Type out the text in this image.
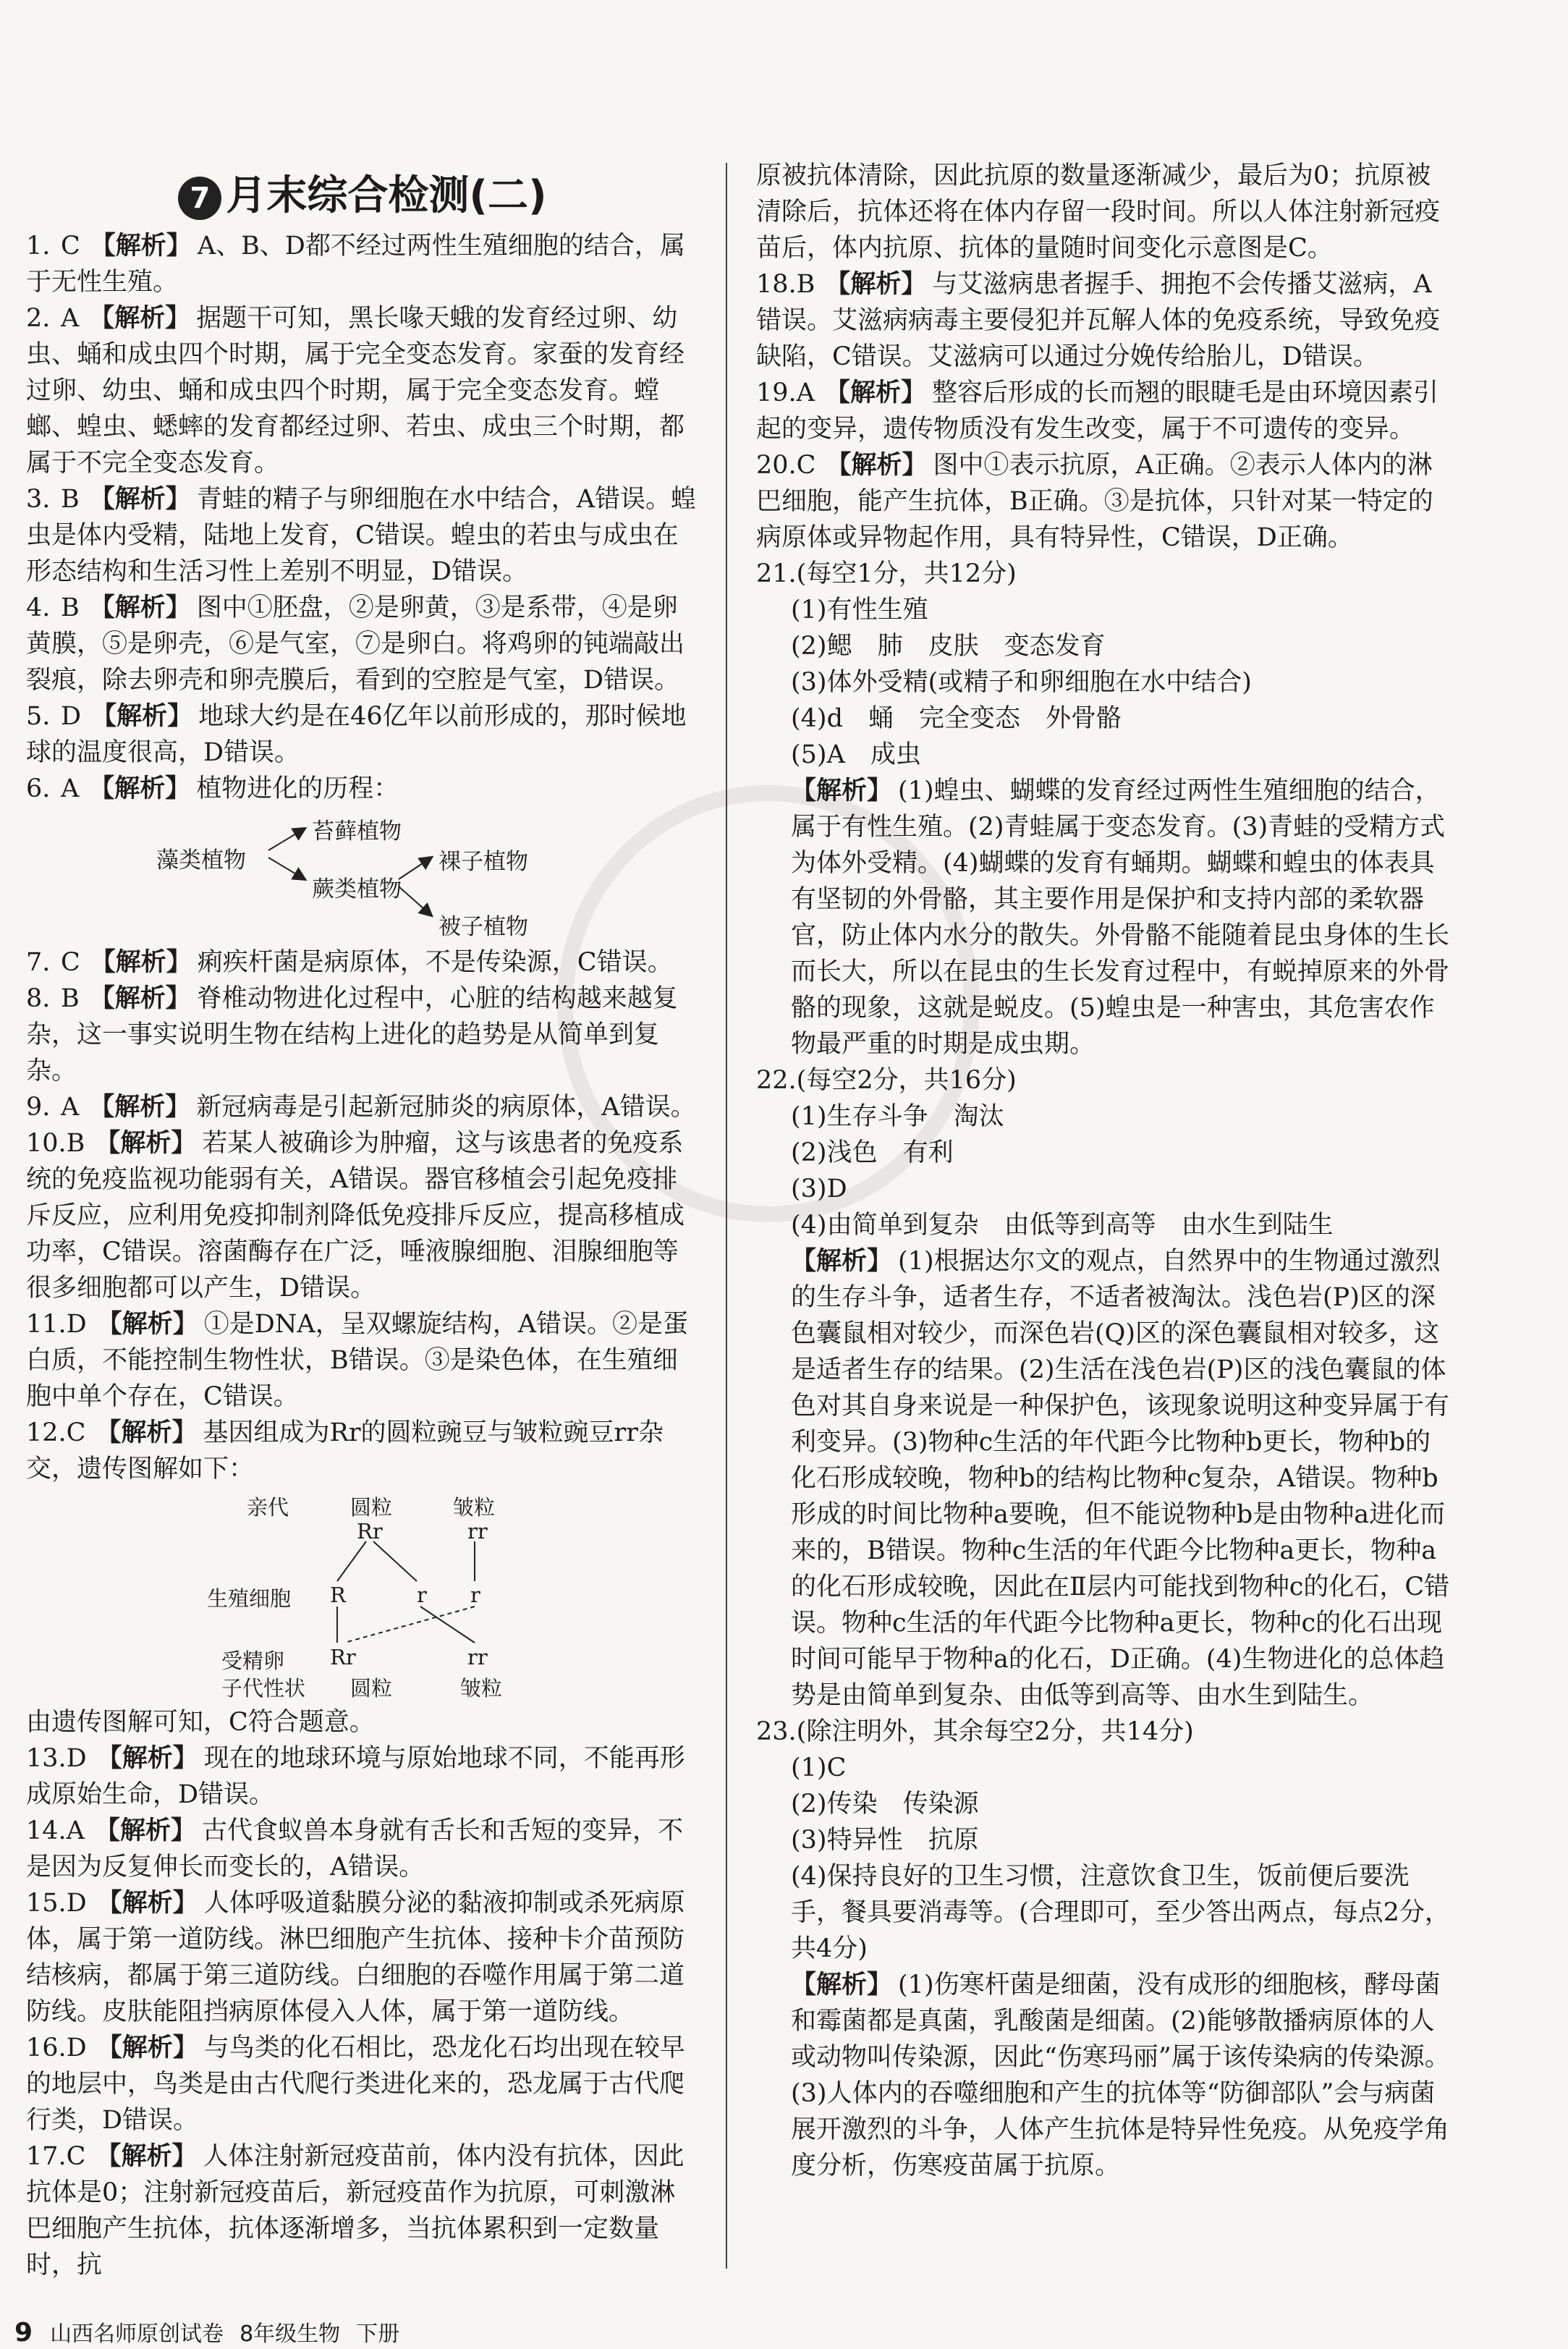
7 月末综合检测(二)

1. C 【解析】 A、B、D都不经过两性生殖细胞的结合，属于无性生殖。

2. A 【解析】 据题干可知，黑长喙天蛾的发育经过卵、幼虫、蛹和成虫四个时期，属于完全变态发育。家蚕的发育经过卵、幼虫、蛹和成虫四个时期，属于完全变态发育。螳螂、蝗虫、蟋蟀的发育都经过卵、若虫、成虫三个时期，都属于不完全变态发育。

3. B 【解析】 青蛙的精子与卵细胞在水中结合，A错误。蝗虫是体内受精，陆地上发育，C错误。蝗虫的若虫与成虫在形态结构和生活习性上差别不明显，D错误。

4. B 【解析】 图中①胚盘，②是卵黄，③是系带，④是卵黄膜，⑤是卵壳，⑥是气室，⑦是卵白。将鸡卵的钝端敲出裂痕，除去卵壳和卵壳膜后，看到的空腔是气室，D错误。

5. D 【解析】 地球大约是在46亿年以前形成的，那时候地球的温度很高，D错误。

6. A 【解析】 植物进化的历程：

藻类植物
苔藓植物
蕨类植物
裸子植物
被子植物

7. C 【解析】 痢疾杆菌是病原体，不是传染源，C错误。

8. B 【解析】 脊椎动物进化过程中，心脏的结构越来越复杂，这一事实说明生物在结构上进化的趋势是从简单到复杂。

9. A 【解析】 新冠病毒是引起新冠肺炎的病原体，A错误。

10.B 【解析】 若某人被确诊为肿瘤，这与该患者的免疫系统的免疫监视功能弱有关，A错误。器官移植会引起免疫排斥反应，应利用免疫抑制剂降低免疫排斥反应，提高移植成功率，C错误。溶菌酶存在广泛，唾液腺细胞、泪腺细胞等很多细胞都可以产生，D错误。

11.D 【解析】 ①是DNA，呈双螺旋结构，A错误。②是蛋白质，不能控制生物性状，B错误。③是染色体，在生殖细胞中单个存在，C错误。

12.C 【解析】 基因组成为Rr的圆粒豌豆与皱粒豌豆rr杂交，遗传图解如下：

亲代	圆粒	皱粒
Rr	rr
生殖细胞 R	r r
受精卵 Rr	rr
子代性状 圆粒	皱粒

由遗传图解可知，C符合题意。

13.D 【解析】 现在的地球环境与原始地球不同，不能再形成原始生命，D错误。

14.A 【解析】 古代食蚁兽本身就有舌长和舌短的变异，不是因为反复伸长而变长的，A错误。

15.D 【解析】 人体呼吸道黏膜分泌的黏液抑制或杀死病原体，属于第一道防线。淋巴细胞产生抗体、接种卡介苗预防结核病，都属于第三道防线。白细胞的吞噬作用属于第二道防线。皮肤能阻挡病原体侵入人体，属于第一道防线。

16.D 【解析】 与鸟类的化石相比，恐龙化石均出现在较早的地层中，鸟类是由古代爬行类进化来的，恐龙属于古代爬行类，D错误。

17.C 【解析】 人体注射新冠疫苗前，体内没有抗体，因此抗体是0；注射新冠疫苗后，新冠疫苗作为抗原，可刺激淋巴细胞产生抗体，抗体逐渐增多，当抗体累积到一定数量时，抗

原被抗体清除，因此抗原的数量逐渐减少，最后为0；抗原被清除后，抗体还将在体内存留一段时间。所以人体注射新冠疫苗后，体内抗原、抗体的量随时间变化示意图是C。

18.B 【解析】 与艾滋病患者握手、拥抱不会传播艾滋病，A错误。艾滋病病毒主要侵犯并瓦解人体的免疫系统，导致免疫缺陷，C错误。艾滋病可以通过分娩传给胎儿，D错误。

19.A 【解析】 整容后形成的长而翘的眼睫毛是由环境因素引起的变异，遗传物质没有发生改变，属于不可遗传的变异。

20.C 【解析】 图中①表示抗原，A正确。②表示人体内的淋巴细胞，能产生抗体，B正确。③是抗体，只针对某一特定的病原体或异物起作用，具有特异性，C错误，D正确。

21.(每空1分，共12分)

(1)有性生殖

(2)鳃　肺　皮肤　变态发育

(3)体外受精(或精子和卵细胞在水中结合)

(4)d　蛹　完全变态　外骨骼

(5)A　成虫

【解析】 (1)蝗虫、蝴蝶的发育经过两性生殖细胞的结合，属于有性生殖。(2)青蛙属于变态发育。(3)青蛙的受精方式为体外受精。(4)蝴蝶的发育有蛹期。蝴蝶和蝗虫的体表具有坚韧的外骨骼，其主要作用是保护和支持内部的柔软器官，防止体内水分的散失。外骨骼不能随着昆虫身体的生长而长大，所以在昆虫的生长发育过程中，有蜕掉原来的外骨骼的现象，这就是蜕皮。(5)蝗虫是一种害虫，其危害农作物最严重的时期是成虫期。

22.(每空2分，共16分)

(1)生存斗争　淘汰

(2)浅色　有利

(3)D

(4)由简单到复杂　由低等到高等　由水生到陆生

【解析】 (1)根据达尔文的观点，自然界中的生物通过激烈的生存斗争，适者生存，不适者被淘汰。浅色岩(P)区的深色囊鼠相对较少，而深色岩(Q)区的深色囊鼠相对较多，这是适者生存的结果。(2)生活在浅色岩(P)区的浅色囊鼠的体色对其自身来说是一种保护色，该现象说明这种变异属于有利变异。(3)物种c生活的年代距今比物种b更长，物种b的化石形成较晚，物种b的结构比物种c复杂，A错误。物种b形成的时间比物种a要晚，但不能说物种b是由物种a进化而来的，B错误。物种c生活的年代距今比物种a更长，物种a的化石形成较晚，因此在Ⅱ层内可能找到物种c的化石，C错误。物种c生活的年代距今比物种a更长，物种c的化石出现时间可能早于物种a的化石，D正确。(4)生物进化的总体趋势是由简单到复杂、由低等到高等、由水生到陆生。

23.(除注明外，其余每空2分，共14分)

(1)C

(2)传染　传染源

(3)特异性　抗原

(4)保持良好的卫生习惯，注意饮食卫生，饭前便后要洗手，餐具要消毒等。(合理即可，至少答出两点，每点2分，共4分)

【解析】 (1)伤寒杆菌是细菌，没有成形的细胞核，酵母菌和霉菌都是真菌，乳酸菌是细菌。(2)能够散播病原体的人或动物叫传染源，因此“伤寒玛丽”属于该传染病的传染源。(3)人体内的吞噬细胞和产生的抗体等“防御部队”会与病菌展开激烈的斗争，人体产生抗体是特异性免疫。从免疫学角度分析，伤寒疫苗属于抗原。

9 山西名师原创试卷 8年级生物 下册
